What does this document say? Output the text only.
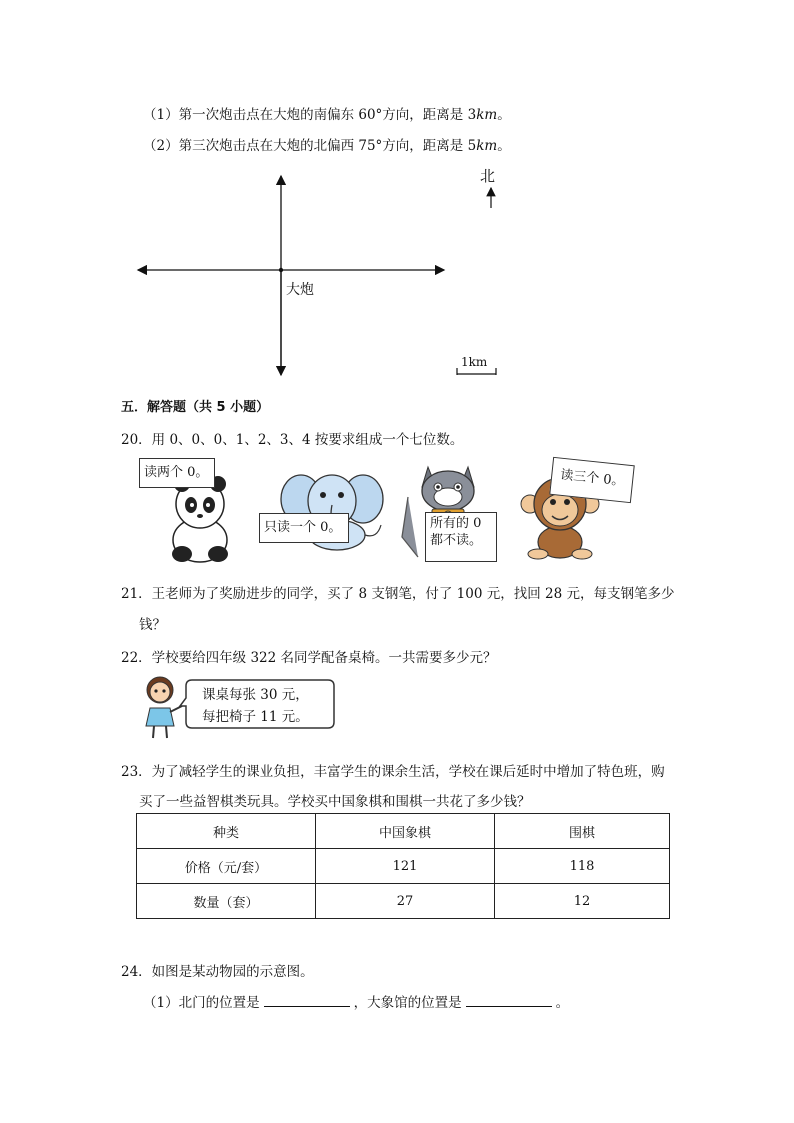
（1）第一次炮击点在大炮的南偏东 60°方向，距离是 3km。
（2）第三次炮击点在大炮的北偏西 75°方向，距离是 5km。
北
大炮
1km
五．解答题（共 5 小题）
20．用 0、0、0、1、2、3、4 按要求组成一个七位数。
读两个 0。
只读一个 0。	所有的 0
都不读。
读三个 0。
21．王老师为了奖励进步的同学，买了 8 支钢笔，付了 100 元，找回 28 元，每支钢笔多少
钱？
22．学校要给四年级 322 名同学配备桌椅。一共需要多少元？
课桌每张 30 元，
每把椅子 11 元。
23．为了减轻学生的课业负担，丰富学生的课余生活，学校在课后延时中增加了特色班，购
买了一些益智棋类玩具。学校买中国象棋和围棋一共花了多少钱？
种类	中国象棋	围棋
价格（元/套）	121	118
数量（套）	27	12
24．如图是某动物园的示意图。
（1）北门的位置是	，大象馆的位置是	。
